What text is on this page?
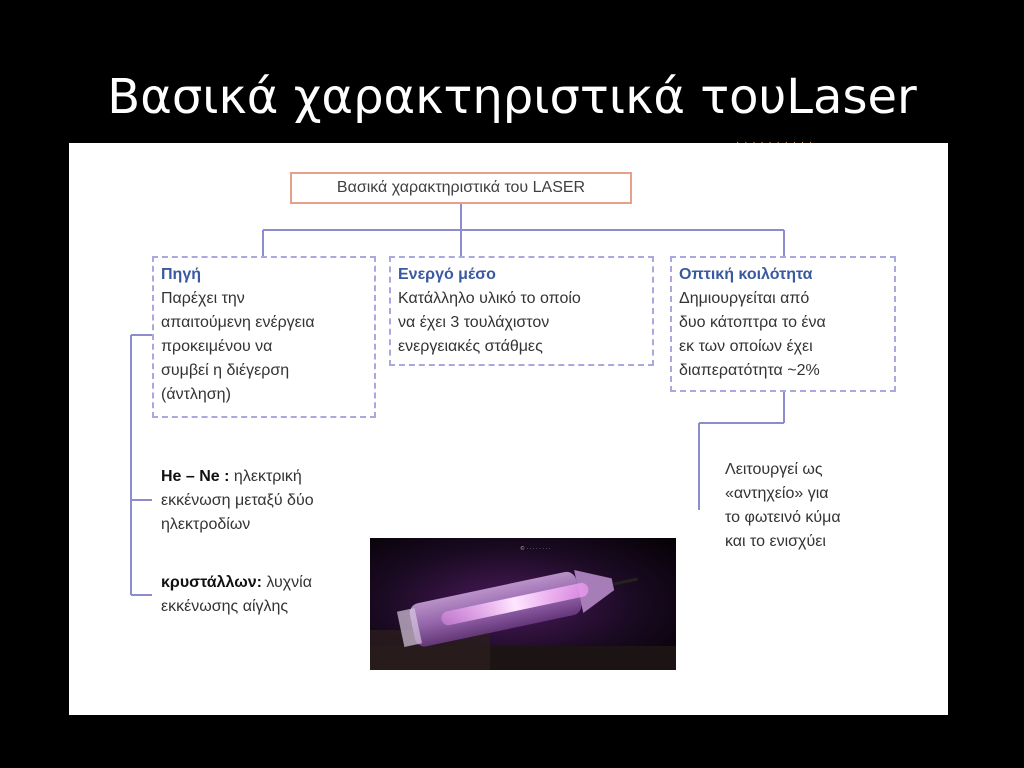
Βασικά χαρακτηριστικά τουLaser
· · · · · · · · · ·
Βασικά χαρακτηριστικά του LASER
Πηγή
Παρέχει την
απαιτούμενη ενέργεια
προκειμένου να
συμβεί η διέγερση
(άντληση)
Ενεργό μέσο
Κατάλληλο υλικό το οποίο
να έχει 3 τουλάχιστον
ενεργειακές στάθμες
Οπτική κοιλότητα
Δημιουργείται από
δυο κάτοπτρα το ένα
εκ των οποίων έχει
διαπερατότητα ~2%
He – Ne : ηλεκτρική
εκκένωση μεταξύ δύο
ηλεκτροδίων
κρυστάλλων: λυχνία
εκκένωσης αίγλης
Λειτουργεί ως
«αντηχείο» για
το φωτεινό κύμα
και το ενισχύει
© · · · · · · · ·
